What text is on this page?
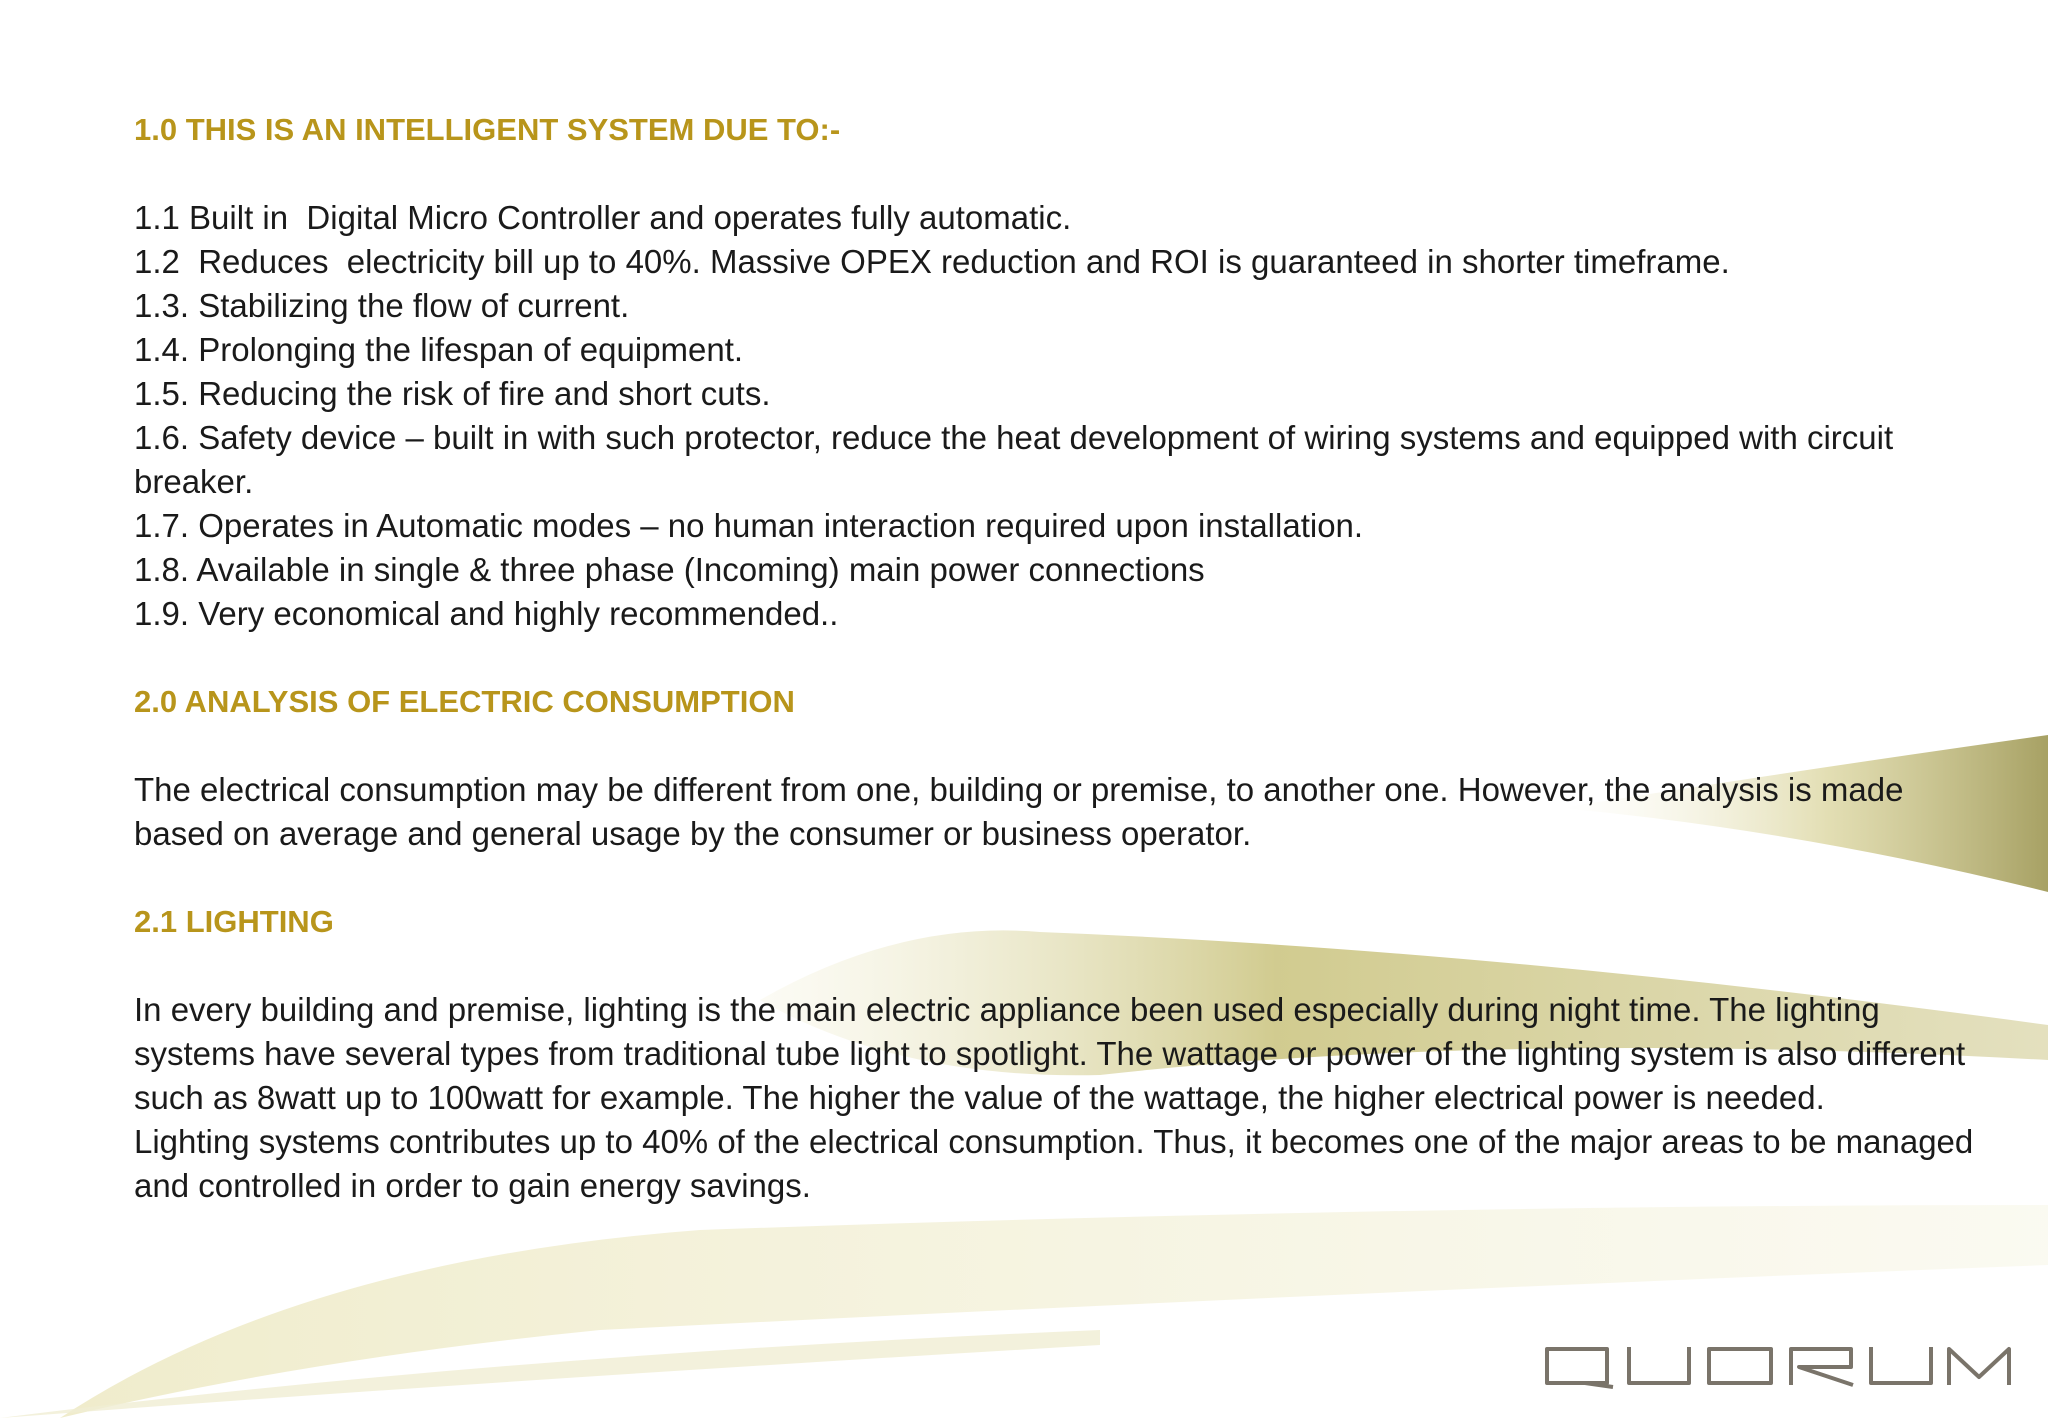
1.0 THIS IS AN INTELLIGENT SYSTEM DUE TO:-

1.1 Built in  Digital Micro Controller and operates fully automatic.

1.2  Reduces  electricity bill up to 40%. Massive OPEX reduction and ROI is guaranteed in shorter timeframe.

1.3. Stabilizing the flow of current.

1.4. Prolonging the lifespan of equipment.

1.5. Reducing the risk of fire and short cuts.

1.6. Safety device – built in with such protector, reduce the heat development of wiring systems and equipped with circuit breaker.

1.7. Operates in Automatic modes – no human interaction required upon installation.

1.8. Available in single & three phase (Incoming) main power connections

1.9. Very economical and highly recommended..

2.0 ANALYSIS OF ELECTRIC CONSUMPTION

The electrical consumption may be different from one, building or premise, to another one. However, the analysis is made based on average and general usage by the consumer or business operator.

2.1 LIGHTING

In every building and premise, lighting is the main electric appliance been used especially during night time. The lighting systems have several types from traditional tube light to spotlight. The wattage or power of the lighting system is also different such as 8watt up to 100watt for example. The higher the value of the wattage, the higher electrical power is needed.

Lighting systems contributes up to 40% of the electrical consumption. Thus, it becomes one of the major areas to be managed and controlled in order to gain energy savings.
